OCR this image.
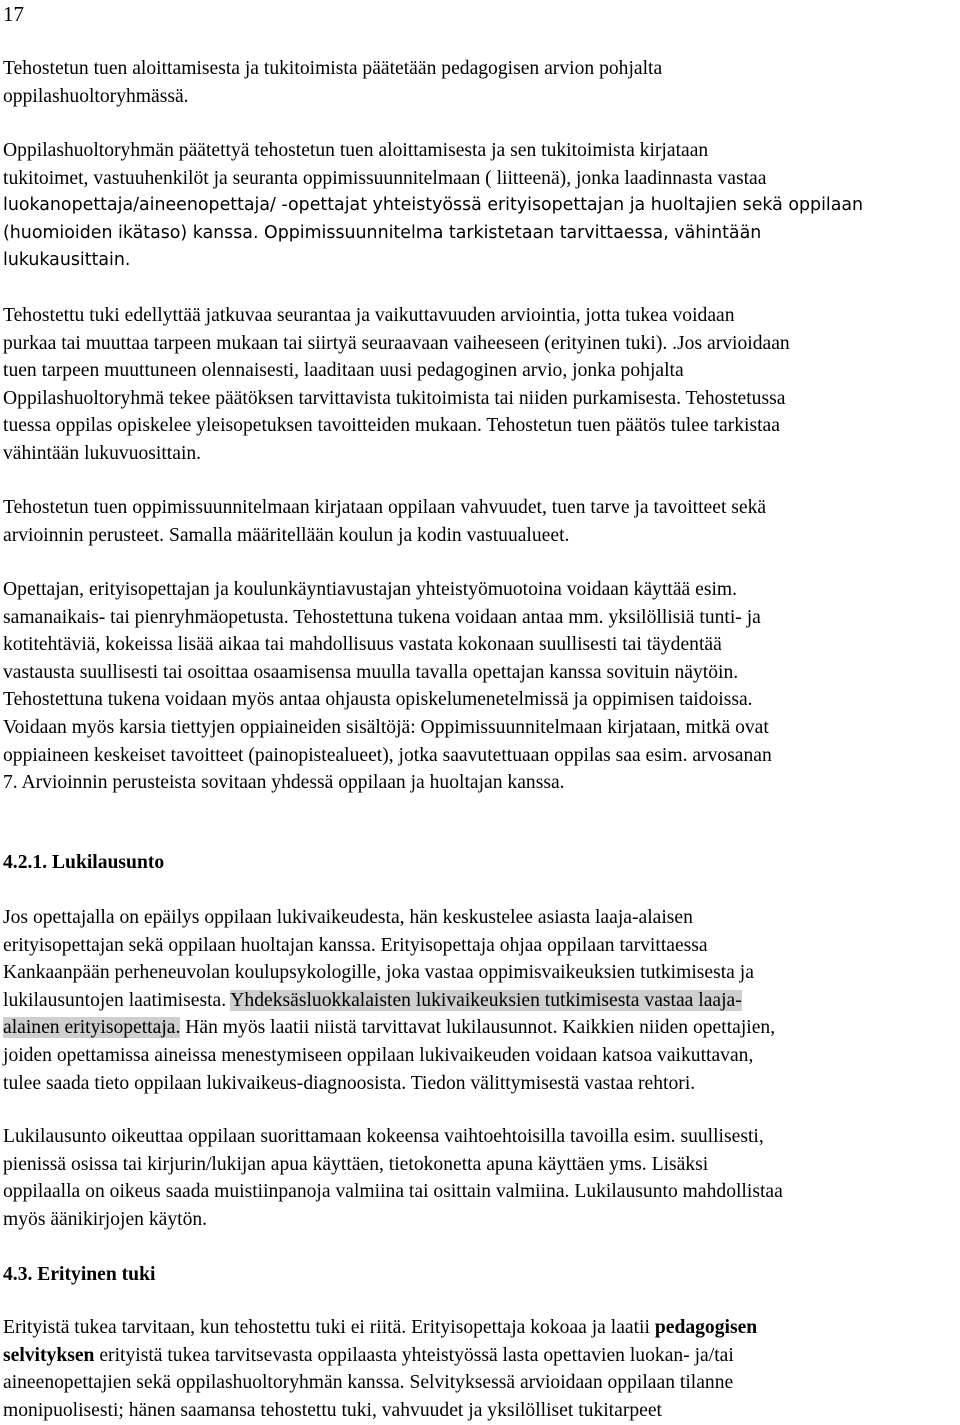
17

Tehostetun tuen aloittamisesta ja tukitoimista päätetään pedagogisen arvion pohjalta

oppilashuoltoryhmässä.

Oppilashuoltoryhmän päätettyä tehostetun tuen aloittamisesta ja sen tukitoimista kirjataan

tukitoimet, vastuuhenkilöt ja seuranta oppimissuunnitelmaan ( liitteenä), jonka laadinnasta vastaa

luokanopettaja/aineenopettaja/ -opettajat yhteistyössä erityisopettajan ja huoltajien sekä oppilaan

(huomioiden ikätaso) kanssa. Oppimissuunnitelma tarkistetaan tarvittaessa, vähintään

lukukausittain.

Tehostettu tuki edellyttää jatkuvaa seurantaa ja vaikuttavuuden arviointia, jotta tukea voidaan

purkaa tai muuttaa tarpeen mukaan tai siirtyä seuraavaan vaiheeseen (erityinen tuki). .Jos arvioidaan

tuen tarpeen muuttuneen olennaisesti, laaditaan uusi pedagoginen arvio, jonka pohjalta

Oppilashuoltoryhmä tekee päätöksen tarvittavista tukitoimista tai niiden purkamisesta. Tehostetussa

tuessa oppilas opiskelee yleisopetuksen tavoitteiden mukaan. Tehostetun tuen päätös tulee tarkistaa

vähintään lukuvuosittain.

Tehostetun tuen oppimissuunnitelmaan kirjataan oppilaan vahvuudet, tuen tarve ja tavoitteet sekä

arvioinnin perusteet. Samalla määritellään koulun ja kodin vastuualueet.

Opettajan, erityisopettajan ja koulunkäyntiavustajan yhteistyömuotoina voidaan käyttää esim.

samanaikais- tai pienryhmäopetusta. Tehostettuna tukena voidaan antaa mm. yksilöllisiä tunti- ja

kotitehtäviä, kokeissa lisää aikaa tai mahdollisuus vastata kokonaan suullisesti tai täydentää

vastausta suullisesti tai osoittaa osaamisensa muulla tavalla opettajan kanssa sovituin näytöin.

Tehostettuna tukena voidaan myös antaa ohjausta opiskelumenetelmissä ja oppimisen taidoissa.

Voidaan myös karsia tiettyjen oppiaineiden sisältöjä: Oppimissuunnitelmaan kirjataan, mitkä ovat

oppiaineen keskeiset tavoitteet (painopistealueet), jotka saavutettuaan oppilas saa esim. arvosanan

7. Arvioinnin perusteista sovitaan yhdessä oppilaan ja huoltajan kanssa.

4.2.1. Lukilausunto

Jos opettajalla on epäilys oppilaan lukivaikeudesta, hän keskustelee asiasta laaja-alaisen

erityisopettajan sekä oppilaan huoltajan kanssa. Erityisopettaja ohjaa oppilaan tarvittaessa

Kankaanpään perheneuvolan koulupsykologille, joka vastaa oppimisvaikeuksien tutkimisesta ja

lukilausuntojen laatimisesta. Yhdeksäsluokkalaisten lukivaikeuksien tutkimisesta vastaa laaja-

alainen erityisopettaja. Hän myös laatii niistä tarvittavat lukilausunnot. Kaikkien niiden opettajien,

joiden opettamissa aineissa menestymiseen oppilaan lukivaikeuden voidaan katsoa vaikuttavan,

tulee saada tieto oppilaan lukivaikeus-diagnoosista. Tiedon välittymisestä vastaa rehtori.

Lukilausunto oikeuttaa oppilaan suorittamaan kokeensa vaihtoehtoisilla tavoilla esim. suullisesti,

pienissä osissa tai kirjurin/lukijan apua käyttäen, tietokonetta apuna käyttäen yms. Lisäksi

oppilaalla on oikeus saada muistiinpanoja valmiina tai osittain valmiina. Lukilausunto mahdollistaa

myös äänikirjojen käytön.

4.3. Erityinen tuki

Erityistä tukea tarvitaan, kun tehostettu tuki ei riitä. Erityisopettaja kokoaa ja laatii pedagogisen

selvityksen erityistä tukea tarvitsevasta oppilaasta yhteistyössä lasta opettavien luokan- ja/tai

aineenopettajien sekä oppilashuoltoryhmän kanssa. Selvityksessä arvioidaan oppilaan tilanne

monipuolisesti; hänen saamansa tehostettu tuki, vahvuudet ja yksilölliset tukitarpeet
